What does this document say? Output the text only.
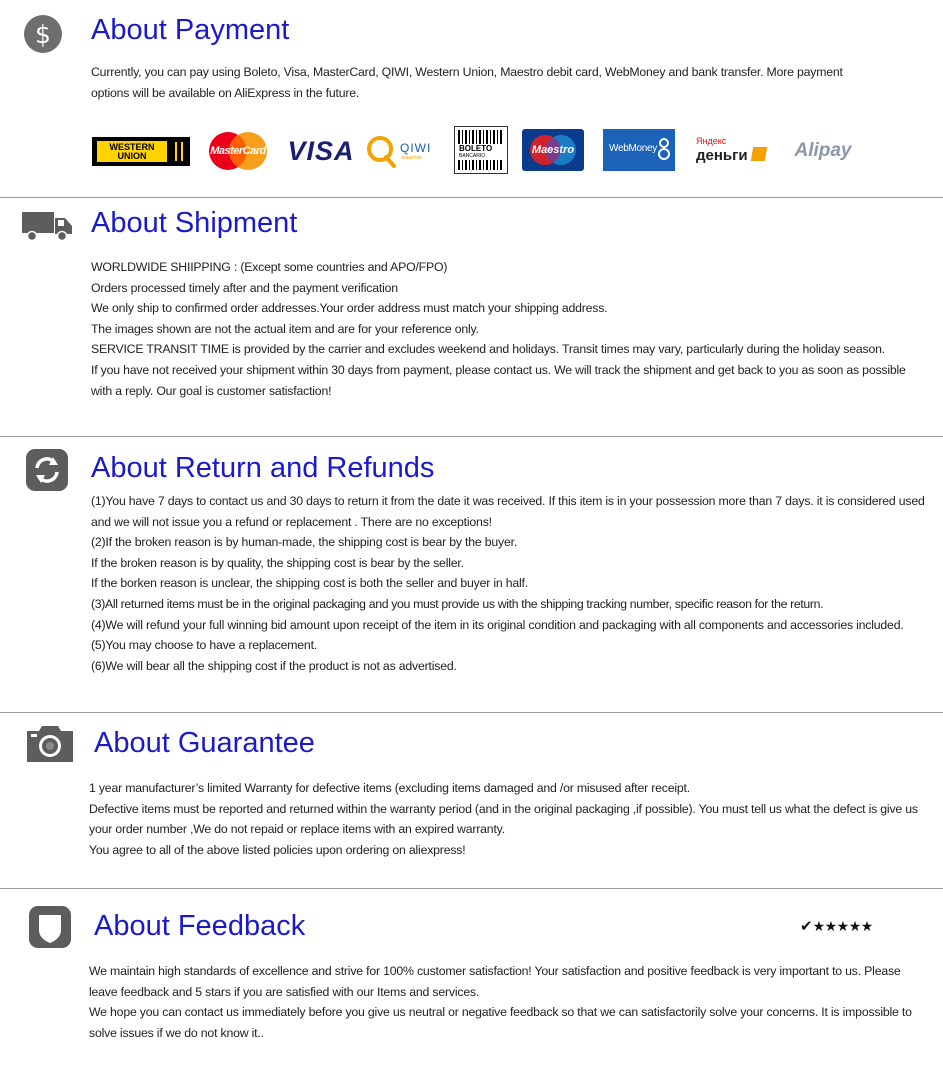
$ About Payment

Currently, you can pay using Boleto, Visa, MasterCard, QIWI, Western Union, Maestro debit card, WebMoney and bank transfer. More payment options will be available on AliExpress in the future.

WESTERN
UNION	MasterCard VISA	QIWI
кошелек
BOLETO
BANCARIO	Maestro	WebMoney
Яндекс
деньги Alipay
About Shipment

WORLDWIDE SHIIPPING : (Except some countries and APO/FPO)

Orders processed timely after and the payment verification

We only ship to confirmed order addresses.Your order address must match your shipping address.

The images shown are not the actual item and are for your reference only.

SERVICE TRANSIT TIME is provided by the carrier and excludes weekend and holidays. Transit times may vary, particularly during the holiday season.

If you have not received your shipment within 30 days from payment, please contact us. We will track the shipment and get back to you as soon as possible with a reply. Our goal is customer satisfaction!

About Return and Refunds

(1)You have 7 days to contact us and 30 days to return it from the date it was received. If this item is in your possession more than 7 days. it is considered used and we will not issue you a refund or replacement . There are no exceptions!

(2)If the broken reason is by human-made, the shipping cost is bear by the buyer.

If the broken reason is by quality, the shipping cost is bear by the seller.

If the borken reason is unclear, the shipping cost is both the seller and buyer in half.

(3)All returned items must be in the original packaging and you must provide us with the shipping tracking number, specific reason for the return.

(4)We will refund your full winning bid amount upon receipt of the item in its original condition and packaging with all components and accessories included.

(5)You may choose to have a replacement.

(6)We will bear all the shipping cost if the product is not as advertised.

About Guarantee

1 year manufacturer’s limited Warranty for defective items (excluding items damaged and /or misused after receipt.

Defective items must be reported and returned within the warranty period (and in the original packaging ,if possible). You must tell us what the defect is give us your order number ,We do not repaid or replace items with an expired warranty.

You agree to all of the above listed policies upon ordering on aliexpress!

About Feedback	✔★★★★★

We maintain high standards of excellence and strive for 100% customer satisfaction! Your satisfaction and positive feedback is very important to us. Please leave feedback and 5 stars if you are satisfied with our Items and services.

We hope you can contact us immediately before you give us neutral or negative feedback so that we can satisfactorily solve your concerns. It is impossible to solve issues if we do not know it..
